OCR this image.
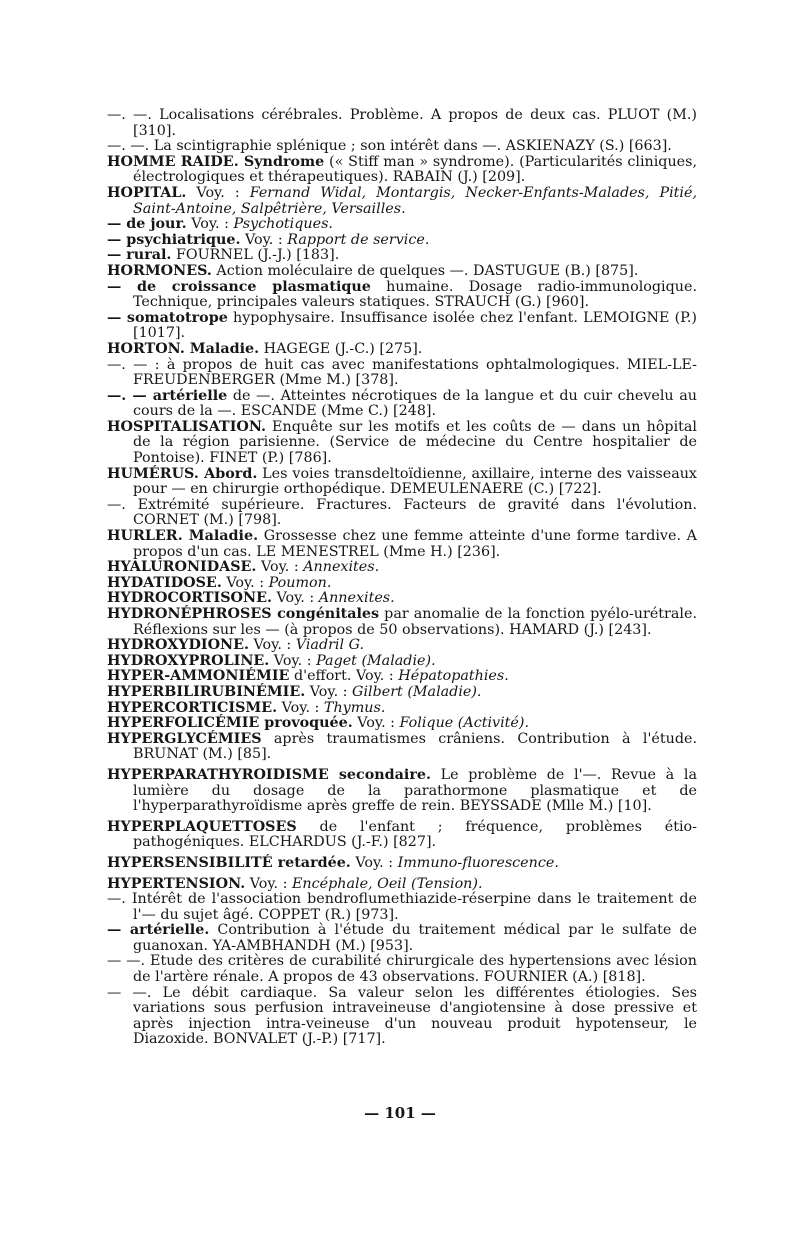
—. —. Localisations cérébrales. Problème. A propos de deux cas. PLUOT (M.) [310].

—. —. La scintigraphie splénique ; son intérêt dans —. ASKIENAZY (S.) [663].

HOMME RAIDE. Syndrome (« Stiff man » syndrome). (Particularités cliniques, électrologiques et thérapeutiques). RABAIN (J.) [209].

HOPITAL. Voy. : Fernand Widal, Montargis, Necker-Enfants-Malades, Pitié, Saint-Antoine, Salpêtrière, Versailles.

— de jour. Voy. : Psychotiques.

— psychiatrique. Voy. : Rapport de service.

— rural. FOURNEL (J.-J.) [183].

HORMONES. Action moléculaire de quelques —. DASTUGUE (B.) [875].

— de croissance plasmatique humaine. Dosage radio-immunologique. Technique, principales valeurs statiques. STRAUCH (G.) [960].

— somatotrope hypophysaire. Insuffisance isolée chez l'enfant. LEMOIGNE (P.) [1017].

HORTON. Maladie. HAGEGE (J.-C.) [275].

—. — : à propos de huit cas avec manifestations ophtalmologiques. MIEL-LE-FREUDENBERGER (Mme M.) [378].

—. — artérielle de —. Atteintes nécrotiques de la langue et du cuir chevelu au cours de la —. ESCANDE (Mme C.) [248].

HOSPITALISATION. Enquête sur les motifs et les coûts de — dans un hôpital de la région parisienne. (Service de médecine du Centre hospitalier de Pontoise). FINET (P.) [786].

HUMÉRUS. Abord. Les voies transdeltoïdienne, axillaire, interne des vaisseaux pour — en chirurgie orthopédique. DEMEULENAERE (C.) [722].

—. Extrémité supérieure. Fractures. Facteurs de gravité dans l'évolution. CORNET (M.) [798].

HURLER. Maladie. Grossesse chez une femme atteinte d'une forme tardive. A propos d'un cas. LE MENESTREL (Mme H.) [236].

HYALURONIDASE. Voy. : Annexites.

HYDATIDOSE. Voy. : Poumon.

HYDROCORTISONE. Voy. : Annexites.

HYDRONÉPHROSES congénitales par anomalie de la fonction pyélo-urétrale. Réflexions sur les — (à propos de 50 observations). HAMARD (J.) [243].

HYDROXYDIONE. Voy. : Viadril G.

HYDROXYPROLINE. Voy. : Paget (Maladie).

HYPER-AMMONIÉMIE d'effort. Voy. : Hépatopathies.

HYPERBILIRUBINÉMIE. Voy. : Gilbert (Maladie).

HYPERCORTICISME. Voy. : Thymus.

HYPERFOLICÉMIE provoquée. Voy. : Folique (Activité).

HYPERGLYCÉMIES après traumatismes crâniens. Contribution à l'étude. BRUNAT (M.) [85].

HYPERPARATHYROIDISME secondaire. Le problème de l'—. Revue à la lumière du dosage de la parathormone plasmatique et de l'hyperparathyroïdisme après greffe de rein. BEYSSADE (Mlle M.) [10].

HYPERPLAQUETTOSES de l'enfant ; fréquence, problèmes étio-pathogéniques. ELCHARDUS (J.-F.) [827].

HYPERSENSIBILITÉ retardée. Voy. : Immuno-fluorescence.

HYPERTENSION. Voy. : Encéphale, Oeil (Tension).

—. Intérêt de l'association bendroflumethiazide-réserpine dans le traitement de l'— du sujet âgé. COPPET (R.) [973].

— artérielle. Contribution à l'étude du traitement médical par le sulfate de guanoxan. YA-AMBHANDH (M.) [953].

— —. Etude des critères de curabilité chirurgicale des hypertensions avec lésion de l'artère rénale. A propos de 43 observations. FOURNIER (A.) [818].

— —. Le débit cardiaque. Sa valeur selon les différentes étiologies. Ses variations sous perfusion intraveineuse d'angiotensine à dose pressive et après injection intra-veineuse d'un nouveau produit hypotenseur, le Diazoxide. BONVALET (J.-P.) [717].

— 101 —
